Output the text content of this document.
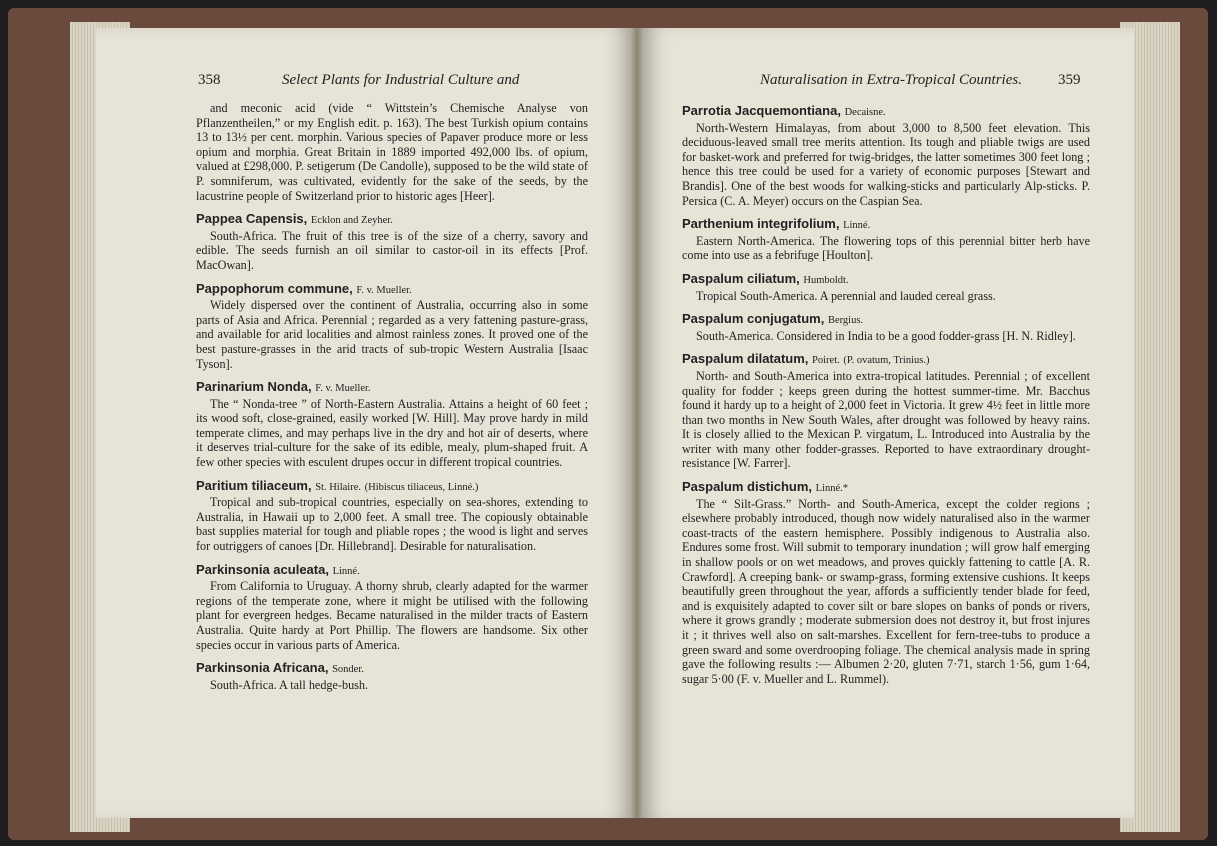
358	Select Plants for Industrial Culture and	Naturalisation in Extra-Tropical Countries. 359

and meconic acid (vide “ Wittstein’s Chemische Analyse von Pflanzentheilen,” or my English edit. p. 163). The best Turkish opium contains 13 to 13½ per cent. morphin. Various species of Papaver produce more or less opium and morphia. Great Britain in 1889 imported 492,000 lbs. of opium, valued at £298,000. P. setigerum (De Candolle), supposed to be the wild state of P. somniferum, was cultivated, evidently for the sake of the seeds, by the lacustrine people of Switzerland prior to historic ages [Heer].

Pappea Capensis, Ecklon and Zeyher.

South-Africa. The fruit of this tree is of the size of a cherry, savory and edible. The seeds furnish an oil similar to castor-oil in its effects [Prof. MacOwan].

Pappophorum commune, F. v. Mueller.

Widely dispersed over the continent of Australia, occurring also in some parts of Asia and Africa. Perennial ; regarded as a very fattening pasture-grass, and available for arid localities and almost rainless zones. It proved one of the best pasture-grasses in the arid tracts of sub-tropic Western Australia [Isaac Tyson].

Parinarium Nonda, F. v. Mueller.

The “ Nonda-tree ” of North-Eastern Australia. Attains a height of 60 feet ; its wood soft, close-grained, easily worked [W. Hill]. May prove hardy in mild temperate climes, and may perhaps live in the dry and hot air of deserts, where it deserves trial-culture for the sake of its edible, mealy, plum-shaped fruit. A few other species with esculent drupes occur in different tropical countries.

Paritium tiliaceum, St. Hilaire. (Hibiscus tiliaceus, Linné.)

Tropical and sub-tropical countries, especially on sea-shores, extending to Australia, in Hawaii up to 2,000 feet. A small tree. The copiously obtainable bast supplies material for tough and pliable ropes ; the wood is light and serves for outriggers of canoes [Dr. Hillebrand]. Desirable for naturalisation.

Parkinsonia aculeata, Linné.

From California to Uruguay. A thorny shrub, clearly adapted for the warmer regions of the temperate zone, where it might be utilised with the following plant for evergreen hedges. Became naturalised in the milder tracts of Eastern Australia. Quite hardy at Port Phillip. The flowers are handsome. Six other species occur in various parts of America.

Parkinsonia Africana, Sonder.

South-Africa. A tall hedge-bush.

Parrotia Jacquemontiana, Decaisne.

North-Western Himalayas, from about 3,000 to 8,500 feet elevation. This deciduous-leaved small tree merits attention. Its tough and pliable twigs are used for basket-work and preferred for twig-bridges, the latter sometimes 300 feet long ; hence this tree could be used for a variety of economic purposes [Stewart and Brandis]. One of the best woods for walking-sticks and particularly Alp-sticks. P. Persica (C. A. Meyer) occurs on the Caspian Sea.

Parthenium integrifolium, Linné.

Eastern North-America. The flowering tops of this perennial bitter herb have come into use as a febrifuge [Houlton].

Paspalum ciliatum, Humboldt.

Tropical South-America. A perennial and lauded cereal grass.

Paspalum conjugatum, Bergius.

South-America. Considered in India to be a good fodder-grass [H. N. Ridley].

Paspalum dilatatum, Poiret. (P. ovatum, Trinius.)

North- and South-America into extra-tropical latitudes. Perennial ; of excellent quality for fodder ; keeps green during the hottest summer-time. Mr. Bacchus found it hardy up to a height of 2,000 feet in Victoria. It grew 4½ feet in little more than two months in New South Wales, after drought was followed by heavy rains. It is closely allied to the Mexican P. virgatum, L. Introduced into Australia by the writer with many other fodder-grasses. Reported to have extraordinary drought-resistance [W. Farrer].

Paspalum distichum, Linné.*

The “ Silt-Grass.” North- and South-America, except the colder regions ; elsewhere probably introduced, though now widely naturalised also in the warmer coast-tracts of the eastern hemisphere. Possibly indigenous to Australia also. Endures some frost. Will submit to temporary inundation ; will grow half emerging in shallow pools or on wet meadows, and proves quickly fattening to cattle [A. R. Crawford]. A creeping bank- or swamp-grass, forming extensive cushions. It keeps beautifully green throughout the year, affords a sufficiently tender blade for feed, and is exquisitely adapted to cover silt or bare slopes on banks of ponds or rivers, where it grows grandly ; moderate submersion does not destroy it, but frost injures it ; it thrives well also on salt-marshes. Excellent for fern-tree-tubs to produce a green sward and some overdrooping foliage. The chemical analysis made in spring gave the following results :— Albumen 2·20, gluten 7·71, starch 1·56, gum 1·64, sugar 5·00 (F. v. Mueller and L. Rummel).
